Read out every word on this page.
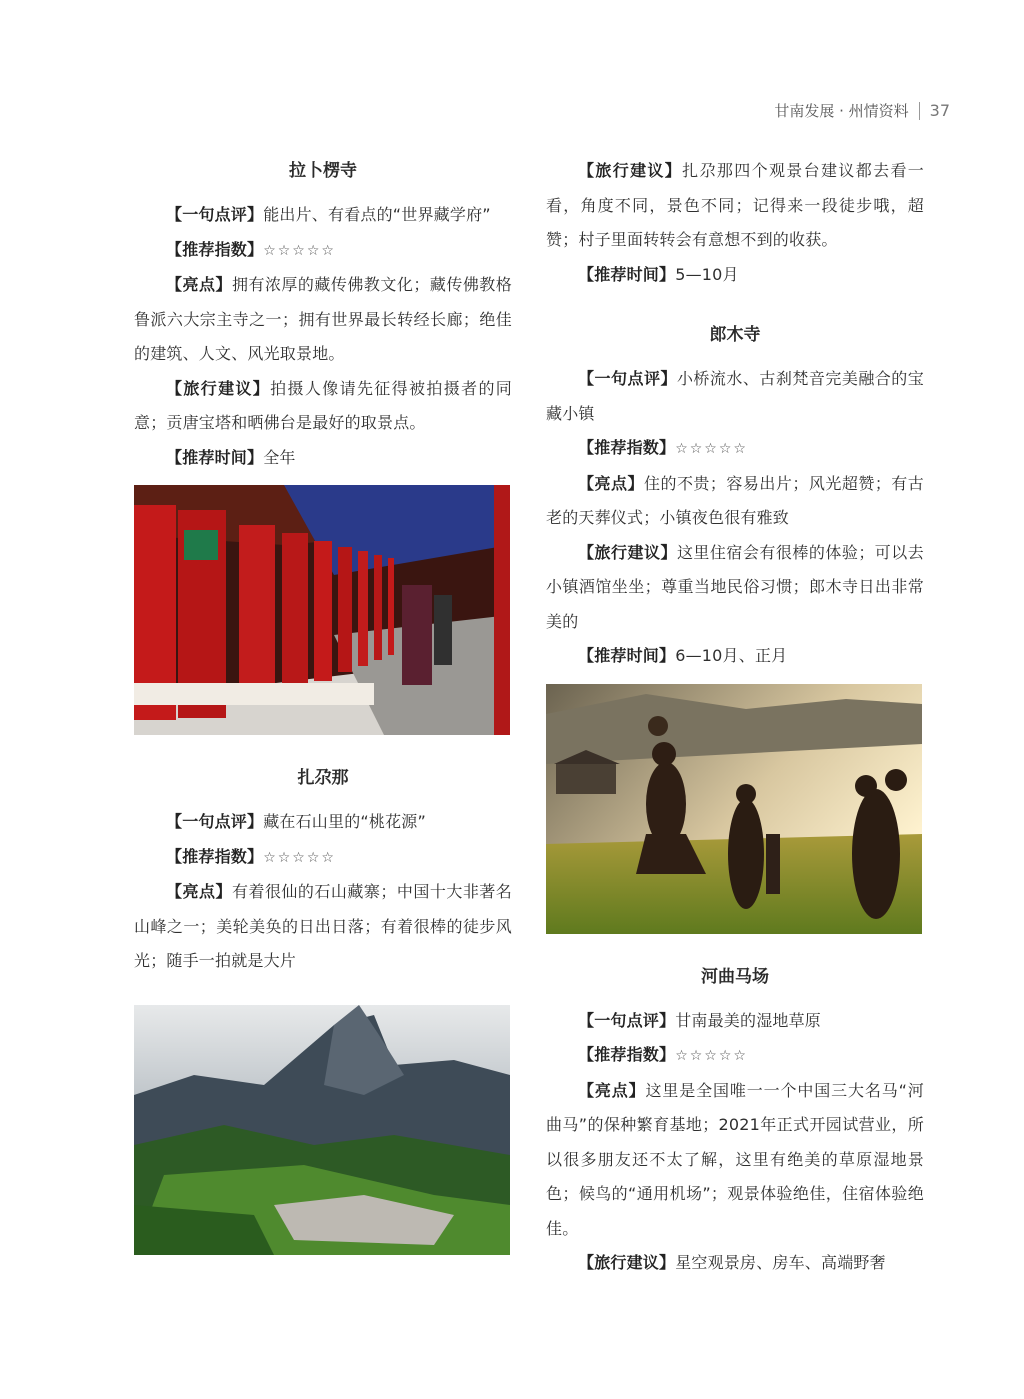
甘南发展 · 州情资料 37
拉卜楞寺

【一句点评】能出片、有看点的“世界藏学府”

【推荐指数】☆☆☆☆☆

【亮点】拥有浓厚的藏传佛教文化；藏传佛教格鲁派六大宗主寺之一；拥有世界最长转经长廊；绝佳的建筑、人文、风光取景地。

【旅行建议】拍摄人像请先征得被拍摄者的同意；贡唐宝塔和晒佛台是最好的取景点。

【推荐时间】全年

扎尕那

【一句点评】藏在石山里的“桃花源”

【推荐指数】☆☆☆☆☆

【亮点】有着很仙的石山藏寨；中国十大非著名山峰之一；美轮美奂的日出日落；有着很棒的徒步风光；随手一拍就是大片

【旅行建议】扎尕那四个观景台建议都去看一看，角度不同，景色不同；记得来一段徒步哦，超赞；村子里面转转会有意想不到的收获。

【推荐时间】5—10月

郎木寺

【一句点评】小桥流水、古刹梵音完美融合的宝藏小镇

【推荐指数】☆☆☆☆☆

【亮点】住的不贵；容易出片；风光超赞；有古老的天葬仪式；小镇夜色很有雅致

【旅行建议】这里住宿会有很棒的体验；可以去小镇酒馆坐坐；尊重当地民俗习惯；郎木寺日出非常美的

【推荐时间】6—10月、正月

河曲马场

【一句点评】甘南最美的湿地草原

【推荐指数】☆☆☆☆☆

【亮点】这里是全国唯一一个中国三大名马“河曲马”的保种繁育基地；2021年正式开园试营业，所以很多朋友还不太了解，这里有绝美的草原湿地景色；候鸟的“通用机场”；观景体验绝佳，住宿体验绝佳。

【旅行建议】星空观景房、房车、高端野奢
